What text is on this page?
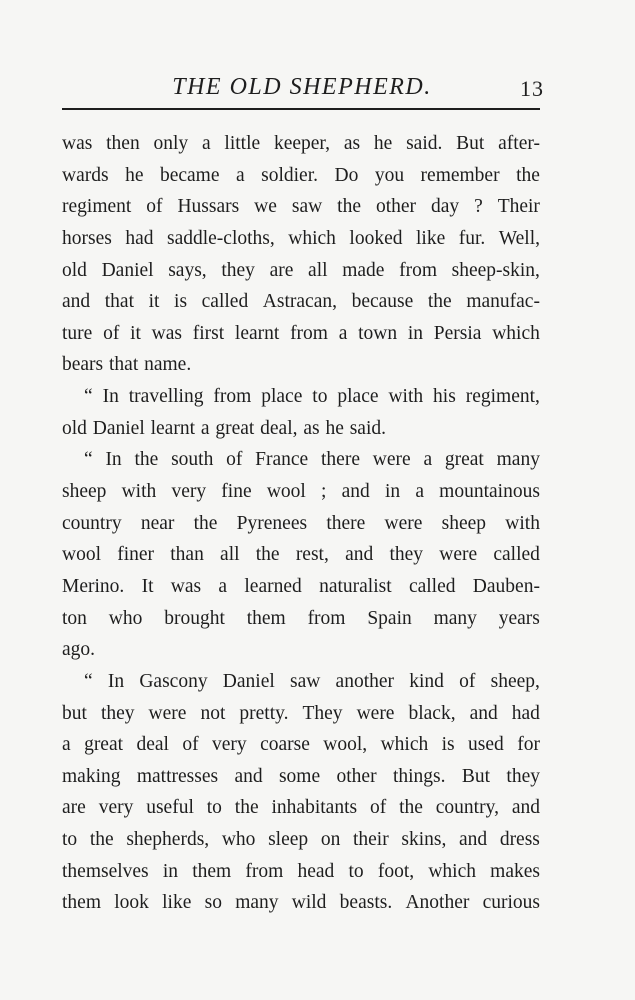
THE OLD SHEPHERD.	13
was then only a little keeper, as he said. But after-
wards he became a soldier. Do you remember the
regiment of Hussars we saw the other day ? Their
horses had saddle-cloths, which looked like fur. Well,
old Daniel says, they are all made from sheep-skin,
and that it is called Astracan, because the manufac-
ture of it was first learnt from a town in Persia which
bears that name.
“ In travelling from place to place with his regiment,
old Daniel learnt a great deal, as he said.
“ In the south of France there were a great many
sheep with very fine wool ; and in a mountainous
country near the Pyrenees there were sheep with
wool finer than all the rest, and they were called
Merino. It was a learned naturalist called Dauben-
ton who brought them from Spain many years
ago.
“ In Gascony Daniel saw another kind of sheep,
but they were not pretty. They were black, and had
a great deal of very coarse wool, which is used for
making mattresses and some other things. But they
are very useful to the inhabitants of the country, and
to the shepherds, who sleep on their skins, and dress
themselves in them from head to foot, which makes
them look like so many wild beasts. Another curious
